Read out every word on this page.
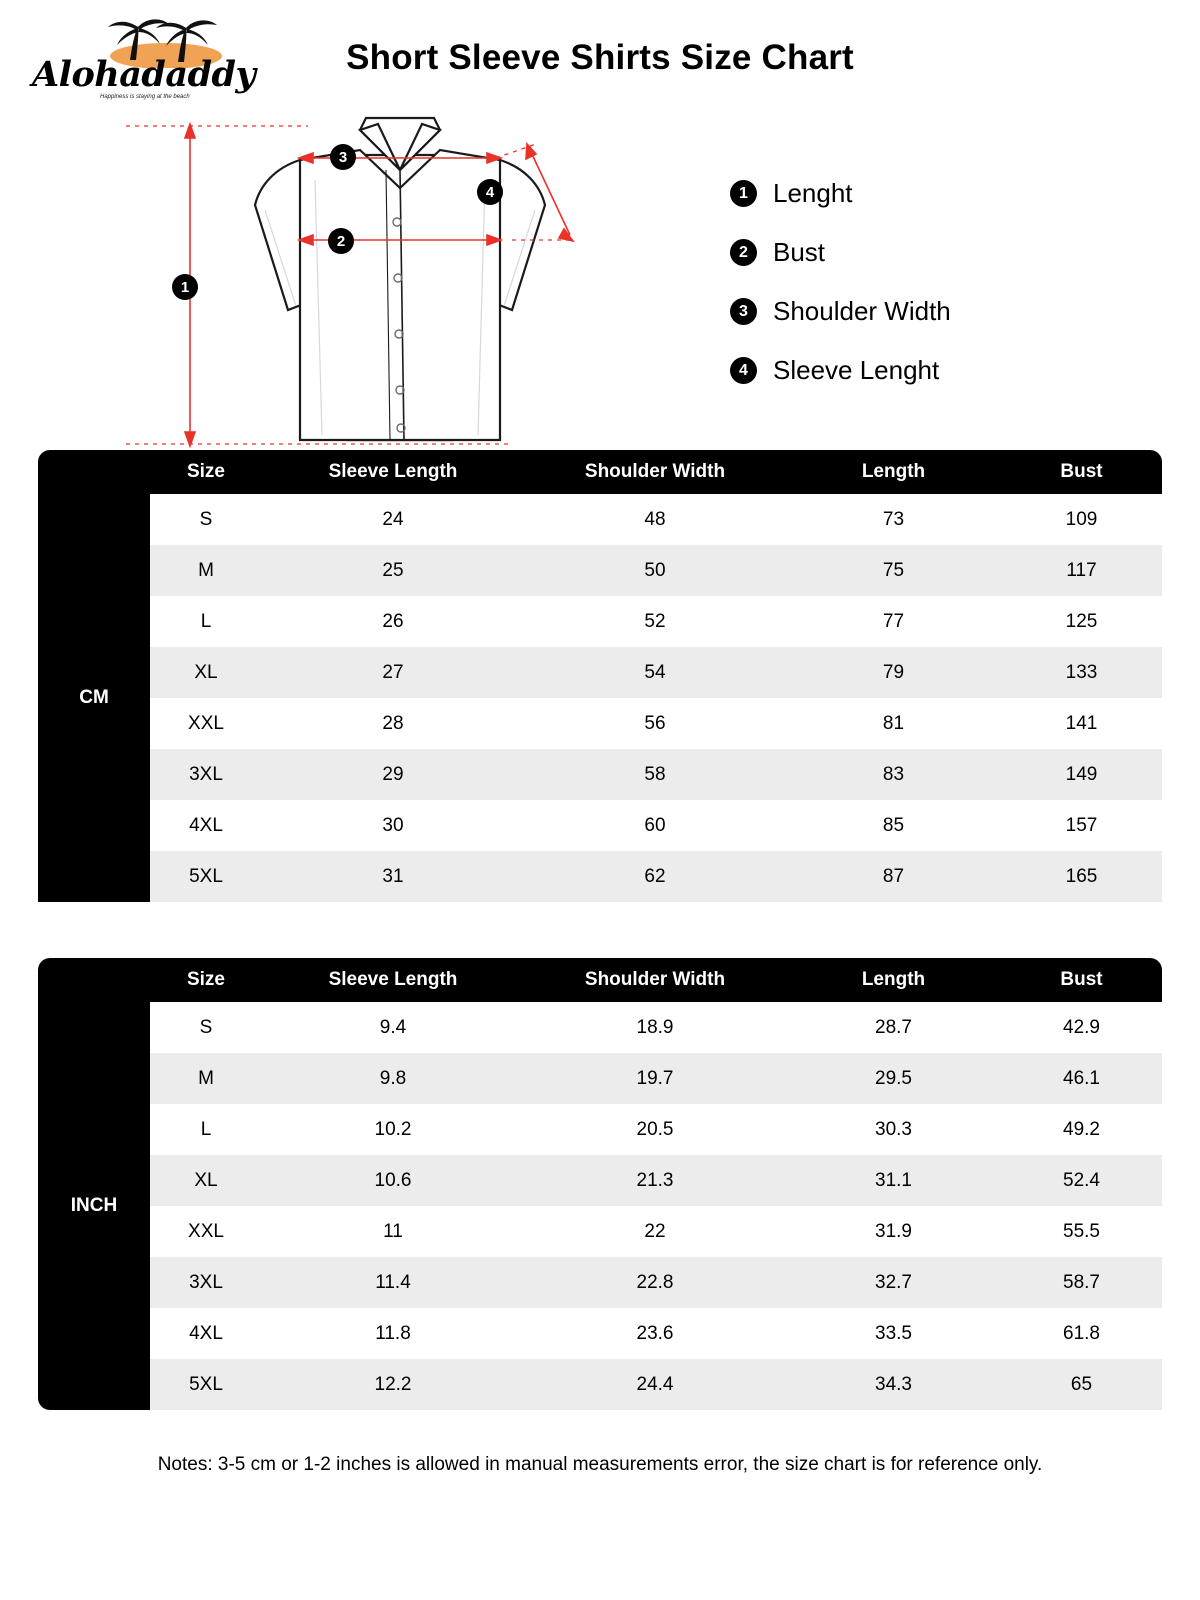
Alohadaddy
Happiness is staying at the beach
Short Sleeve Shirts Size Chart
1
2
3
4	1 Lenght
2 Bust
3 Shoulder Width
4 Sleeve Lenght
	Size	Sleeve Length	Shoulder Width	Length	Bust
CM	S	24	48	73	109
	M	25	50	75	117
	L	26	52	77	125
	XL	27	54	79	133
	XXL	28	56	81	141
	3XL	29	58	83	149
	4XL	30	60	85	157
	5XL	31	62	87	165
	Size	Sleeve Length	Shoulder Width	Length	Bust
INCH	S	9.4	18.9	28.7	42.9
	M	9.8	19.7	29.5	46.1
	L	10.2	20.5	30.3	49.2
	XL	10.6	21.3	31.1	52.4
	XXL	11	22	31.9	55.5
	3XL	11.4	22.8	32.7	58.7
	4XL	11.8	23.6	33.5	61.8
	5XL	12.2	24.4	34.3	65
Notes: 3-5 cm or 1-2 inches is allowed in manual measurements error, the size chart is for reference only.
